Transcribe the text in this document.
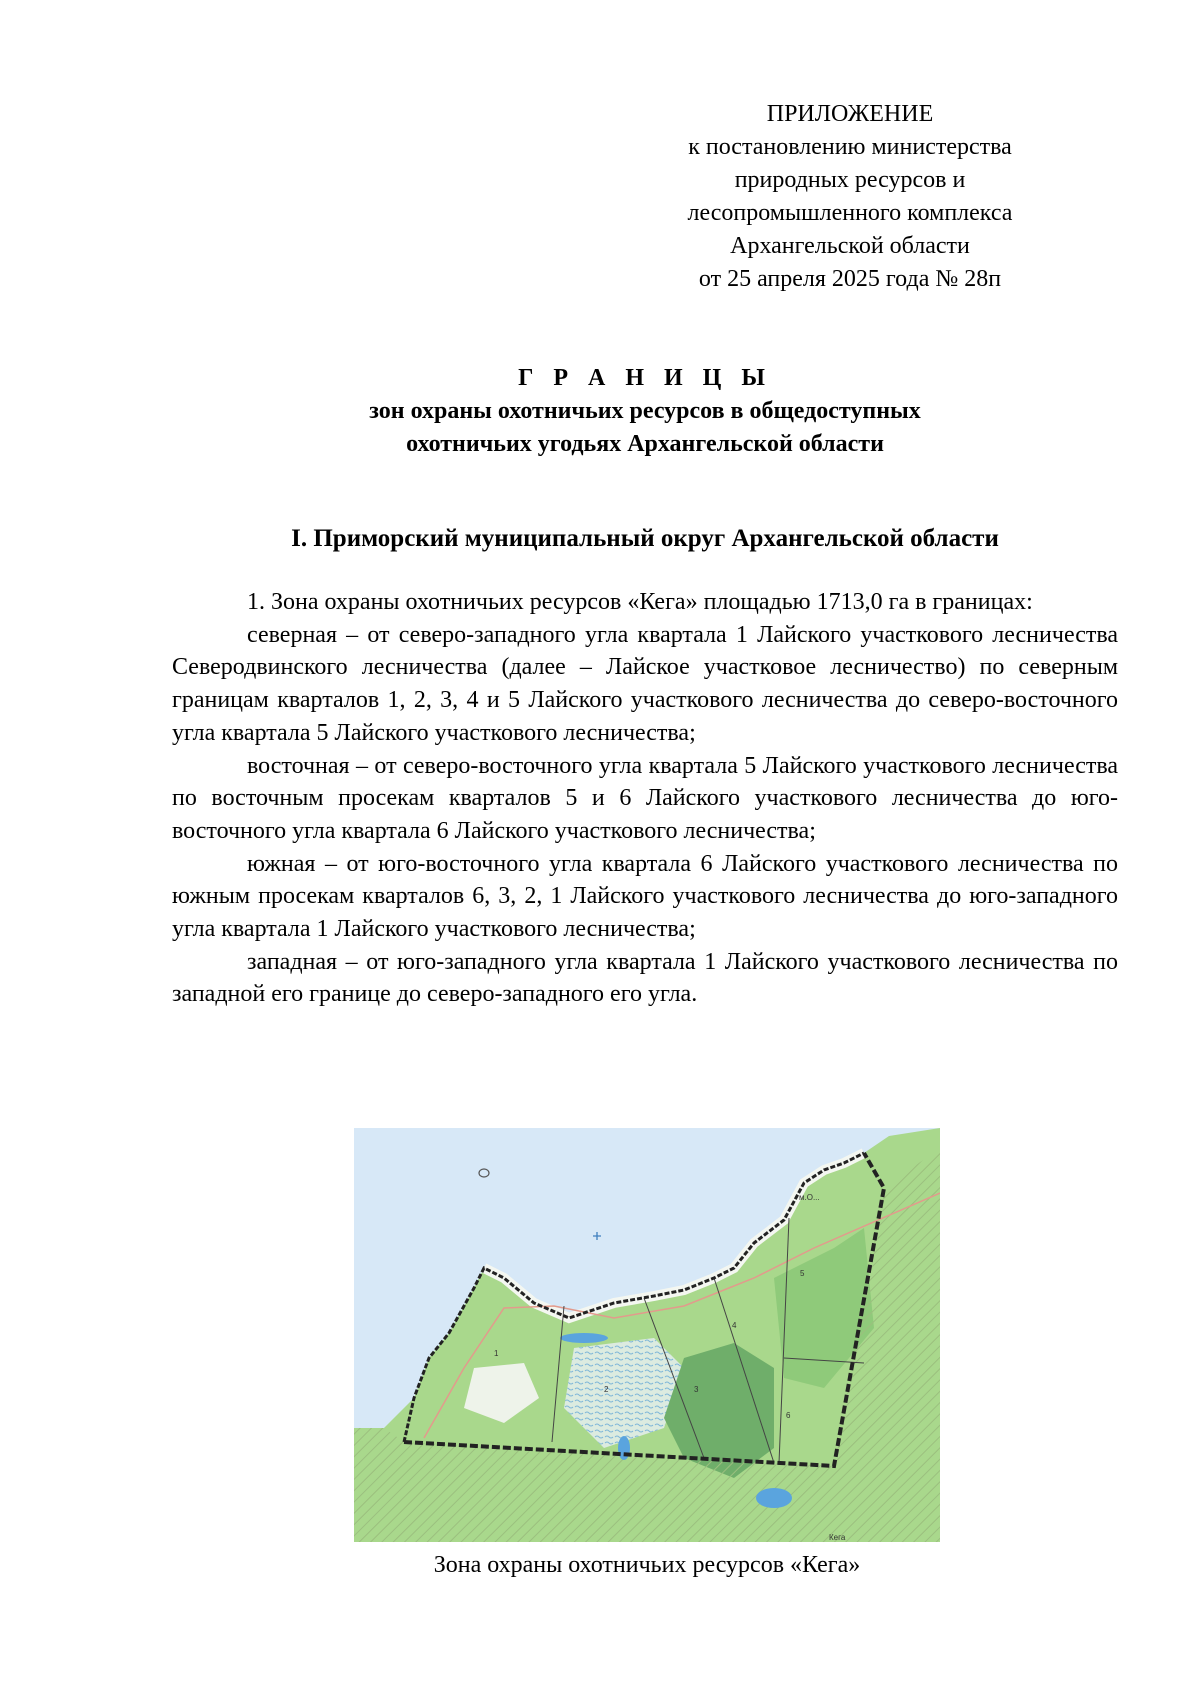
ПРИЛОЖЕНИЕ
к постановлению министерства
природных ресурсов и
лесопромышленного комплекса
Архангельской области
от 25 апреля 2025 года № 28п
Г Р А Н И Ц Ы
зон охраны охотничьих ресурсов в общедоступных
охотничьих угодьях Архангельской области
I. Приморский муниципальный округ Архангельской области

1. Зона охраны охотничьих ресурсов «Кега» площадью 1713,0 га в границах:

северная – от северо-западного угла квартала 1 Лайского участкового лесничества Северодвинского лесничества (далее – Лайское участковое лесничество) по северным границам кварталов 1, 2, 3, 4 и 5 Лайского участкового лесничества до северо-восточного угла квартала 5 Лайского участкового лесничества;

восточная – от северо-восточного угла квартала 5 Лайского участкового лесничества по восточным просекам кварталов 5 и 6 Лайского участкового лесничества до юго-восточного угла квартала 6 Лайского участкового лесничества;

южная – от юго-восточного угла квартала 6 Лайского участкового лесничества по южным просекам кварталов 6, 3, 2, 1 Лайского участкового лесничества до юго-западного угла квартала 1 Лайского участкового лесничества;

западная – от юго-западного угла квартала 1 Лайского участкового лесничества по западной его границе до северо-западного его угла.

1
2	3
4
5
6
м.О...
Кега
Зона охраны охотничьих ресурсов «Кега»
